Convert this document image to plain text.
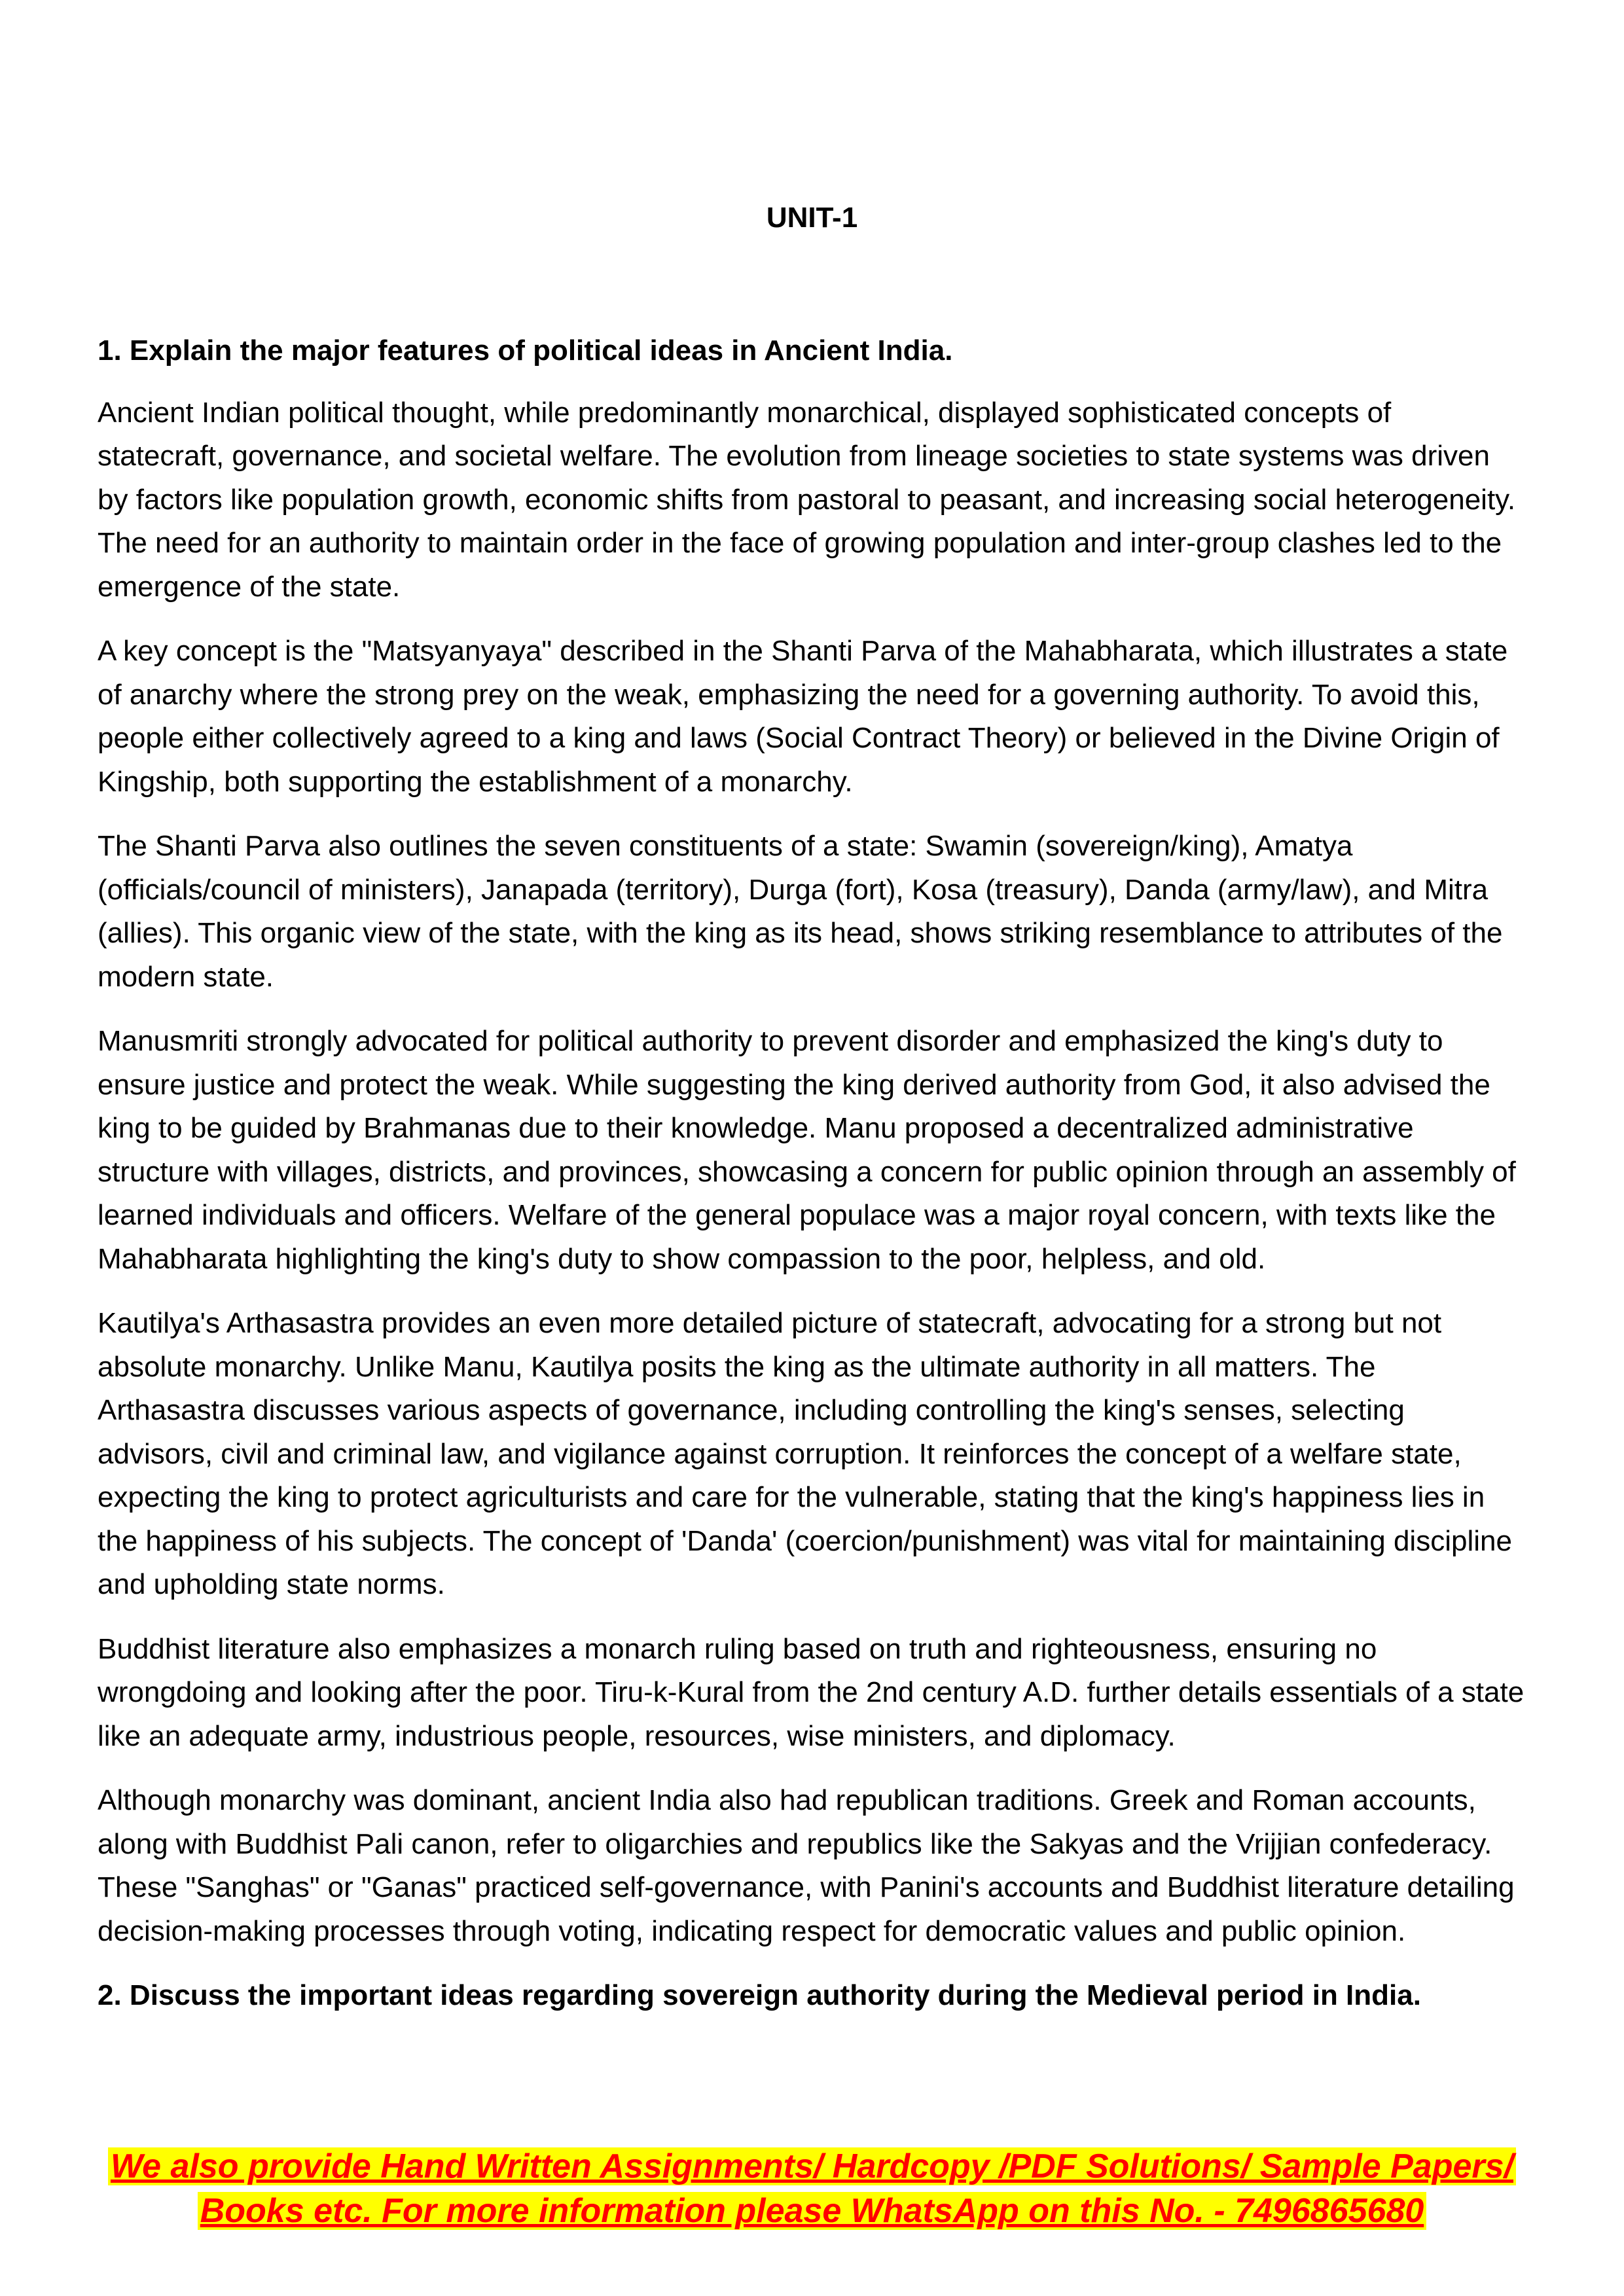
UNIT-1

1. Explain the major features of political ideas in Ancient India.

Ancient Indian political thought, while predominantly monarchical, displayed sophisticated concepts of statecraft, governance, and societal welfare. The evolution from lineage societies to state systems was driven by factors like population growth, economic shifts from pastoral to peasant, and increasing social heterogeneity. The need for an authority to maintain order in the face of growing population and inter-group clashes led to the emergence of the state.

A key concept is the "Matsyanyaya" described in the Shanti Parva of the Mahabharata, which illustrates a state of anarchy where the strong prey on the weak, emphasizing the need for a governing authority. To avoid this, people either collectively agreed to a king and laws (Social Contract Theory) or believed in the Divine Origin of Kingship, both supporting the establishment of a monarchy.

The Shanti Parva also outlines the seven constituents of a state: Swamin (sovereign/king), Amatya (officials/council of ministers), Janapada (territory), Durga (fort), Kosa (treasury), Danda (army/law), and Mitra (allies). This organic view of the state, with the king as its head, shows striking resemblance to attributes of the modern state.

Manusmriti strongly advocated for political authority to prevent disorder and emphasized the king's duty to ensure justice and protect the weak. While suggesting the king derived authority from God, it also advised the king to be guided by Brahmanas due to their knowledge. Manu proposed a decentralized administrative structure with villages, districts, and provinces, showcasing a concern for public opinion through an assembly of learned individuals and officers. Welfare of the general populace was a major royal concern, with texts like the Mahabharata highlighting the king's duty to show compassion to the poor, helpless, and old.

Kautilya's Arthasastra provides an even more detailed picture of statecraft, advocating for a strong but not absolute monarchy. Unlike Manu, Kautilya posits the king as the ultimate authority in all matters. The Arthasastra discusses various aspects of governance, including controlling the king's senses, selecting advisors, civil and criminal law, and vigilance against corruption. It reinforces the concept of a welfare state, expecting the king to protect agriculturists and care for the vulnerable, stating that the king's happiness lies in the happiness of his subjects. The concept of 'Danda' (coercion/punishment) was vital for maintaining discipline and upholding state norms.

Buddhist literature also emphasizes a monarch ruling based on truth and righteousness, ensuring no wrongdoing and looking after the poor. Tiru-k-Kural from the 2nd century A.D. further details essentials of a state like an adequate army, industrious people, resources, wise ministers, and diplomacy.

Although monarchy was dominant, ancient India also had republican traditions. Greek and Roman accounts, along with Buddhist Pali canon, refer to oligarchies and republics like the Sakyas and the Vrijjian confederacy. These "Sanghas" or "Ganas" practiced self-governance, with Panini's accounts and Buddhist literature detailing decision-making processes through voting, indicating respect for democratic values and public opinion.

2. Discuss the important ideas regarding sovereign authority during the Medieval period in India.

We also provide Hand Written Assignments/ Hardcopy /PDF Solutions/ Sample Papers/
Books etc. For more information please WhatsApp on this No. - 7496865680
